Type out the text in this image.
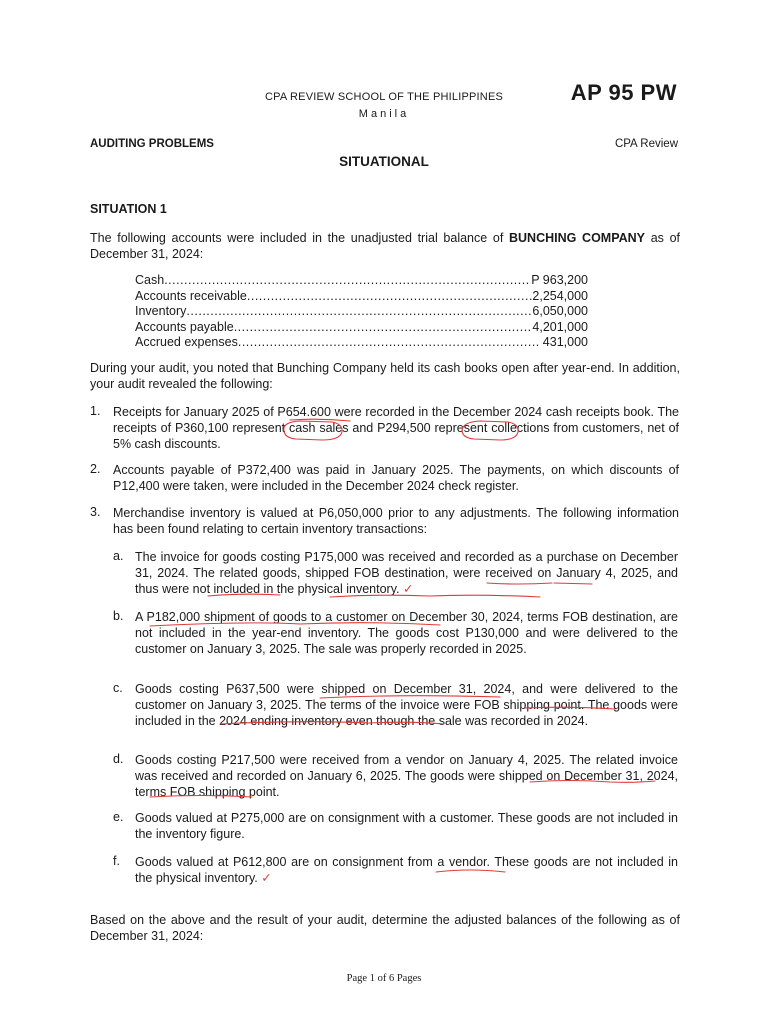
CPA REVIEW SCHOOL OF THE PHILIPPINES
Manila
AP 95 PW
AUDITING PROBLEMS	CPA Review
SITUATIONAL
SITUATION 1
The following accounts were included in the unadjusted trial balance of BUNCHING COMPANY as of December 31, 2024:
Cash .....	P 963,200
Accounts receivable .....	2,254,000
Inventory .....	6,050,000
Accounts payable .....	4,201,000
Accrued expenses .....	431,000
During your audit, you noted that Bunching Company held its cash books open after year-end. In addition, your audit revealed the following:
1. Receipts for January 2025 of P654.600 were recorded in the December 2024 cash receipts book. The receipts of P360,100 represent cash sales and P294,500 represent collections from customers, net of 5% cash discounts.
2. Accounts payable of P372,400 was paid in January 2025. The payments, on which discounts of P12,400 were taken, were included in the December 2024 check register.
3. Merchandise inventory is valued at P6,050,000 prior to any adjustments. The following information has been found relating to certain inventory transactions:
a. The invoice for goods costing P175,000 was received and recorded as a purchase on December 31, 2024. The related goods, shipped FOB destination, were received on January 4, 2025, and thus were not included in the physical inventory. ✓
b. A P182,000 shipment of goods to a customer on December 30, 2024, terms FOB destination, are not included in the year-end inventory. The goods cost P130,000 and were delivered to the customer on January 3, 2025. The sale was properly recorded in 2025.
c. Goods costing P637,500 were shipped on December 31, 2024, and were delivered to the customer on January 3, 2025. The terms of the invoice were FOB shipping point. The goods were included in the 2024 ending inventory even though the sale was recorded in 2024.
d. Goods costing P217,500 were received from a vendor on January 4, 2025. The related invoice was received and recorded on January 6, 2025. The goods were shipped on December 31, 2024, terms FOB shipping point.
e. Goods valued at P275,000 are on consignment with a customer. These goods are not included in the inventory figure.
f. Goods valued at P612,800 are on consignment from a vendor. These goods are not included in the physical inventory. ✓
Based on the above and the result of your audit, determine the adjusted balances of the following as of December 31, 2024:
Page 1 of 6 Pages
